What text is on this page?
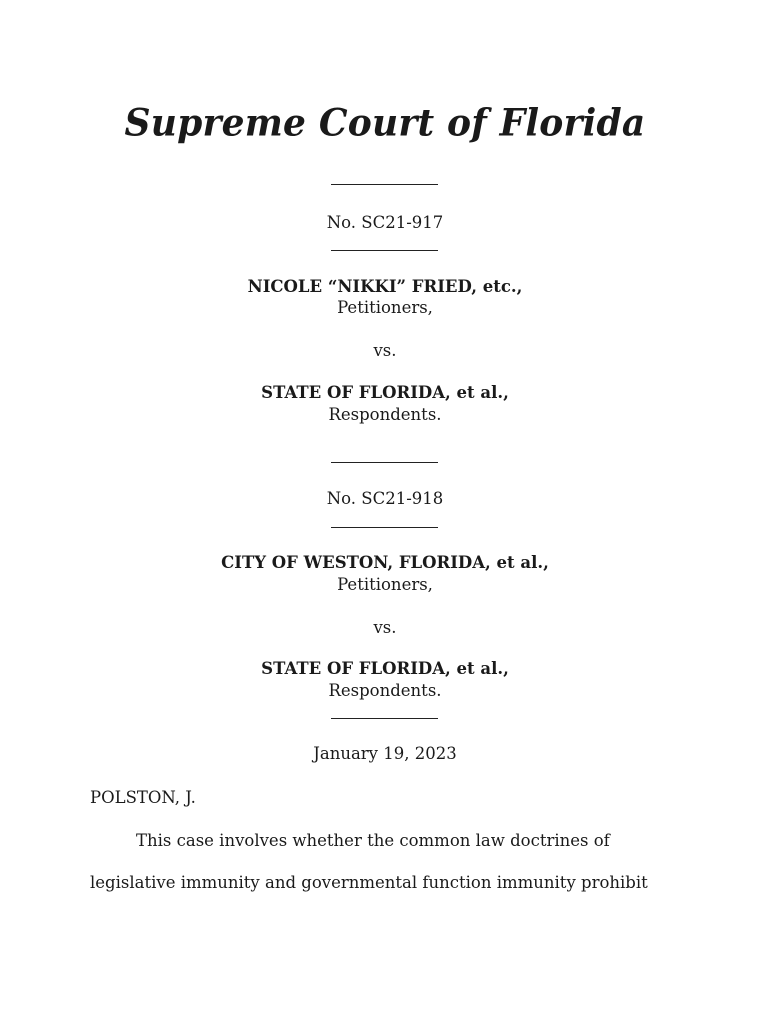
Supreme Court of Florida
No. SC21-917
NICOLE “NIKKI” FRIED, etc.,
Petitioners,
vs.
STATE OF FLORIDA, et al.,
Respondents.
No. SC21-918
CITY OF WESTON, FLORIDA, et al.,
Petitioners,
vs.
STATE OF FLORIDA, et al.,
Respondents.
January 19, 2023
POLSTON, J.
This case involves whether the common law doctrines of
legislative immunity and governmental function immunity prohibit
